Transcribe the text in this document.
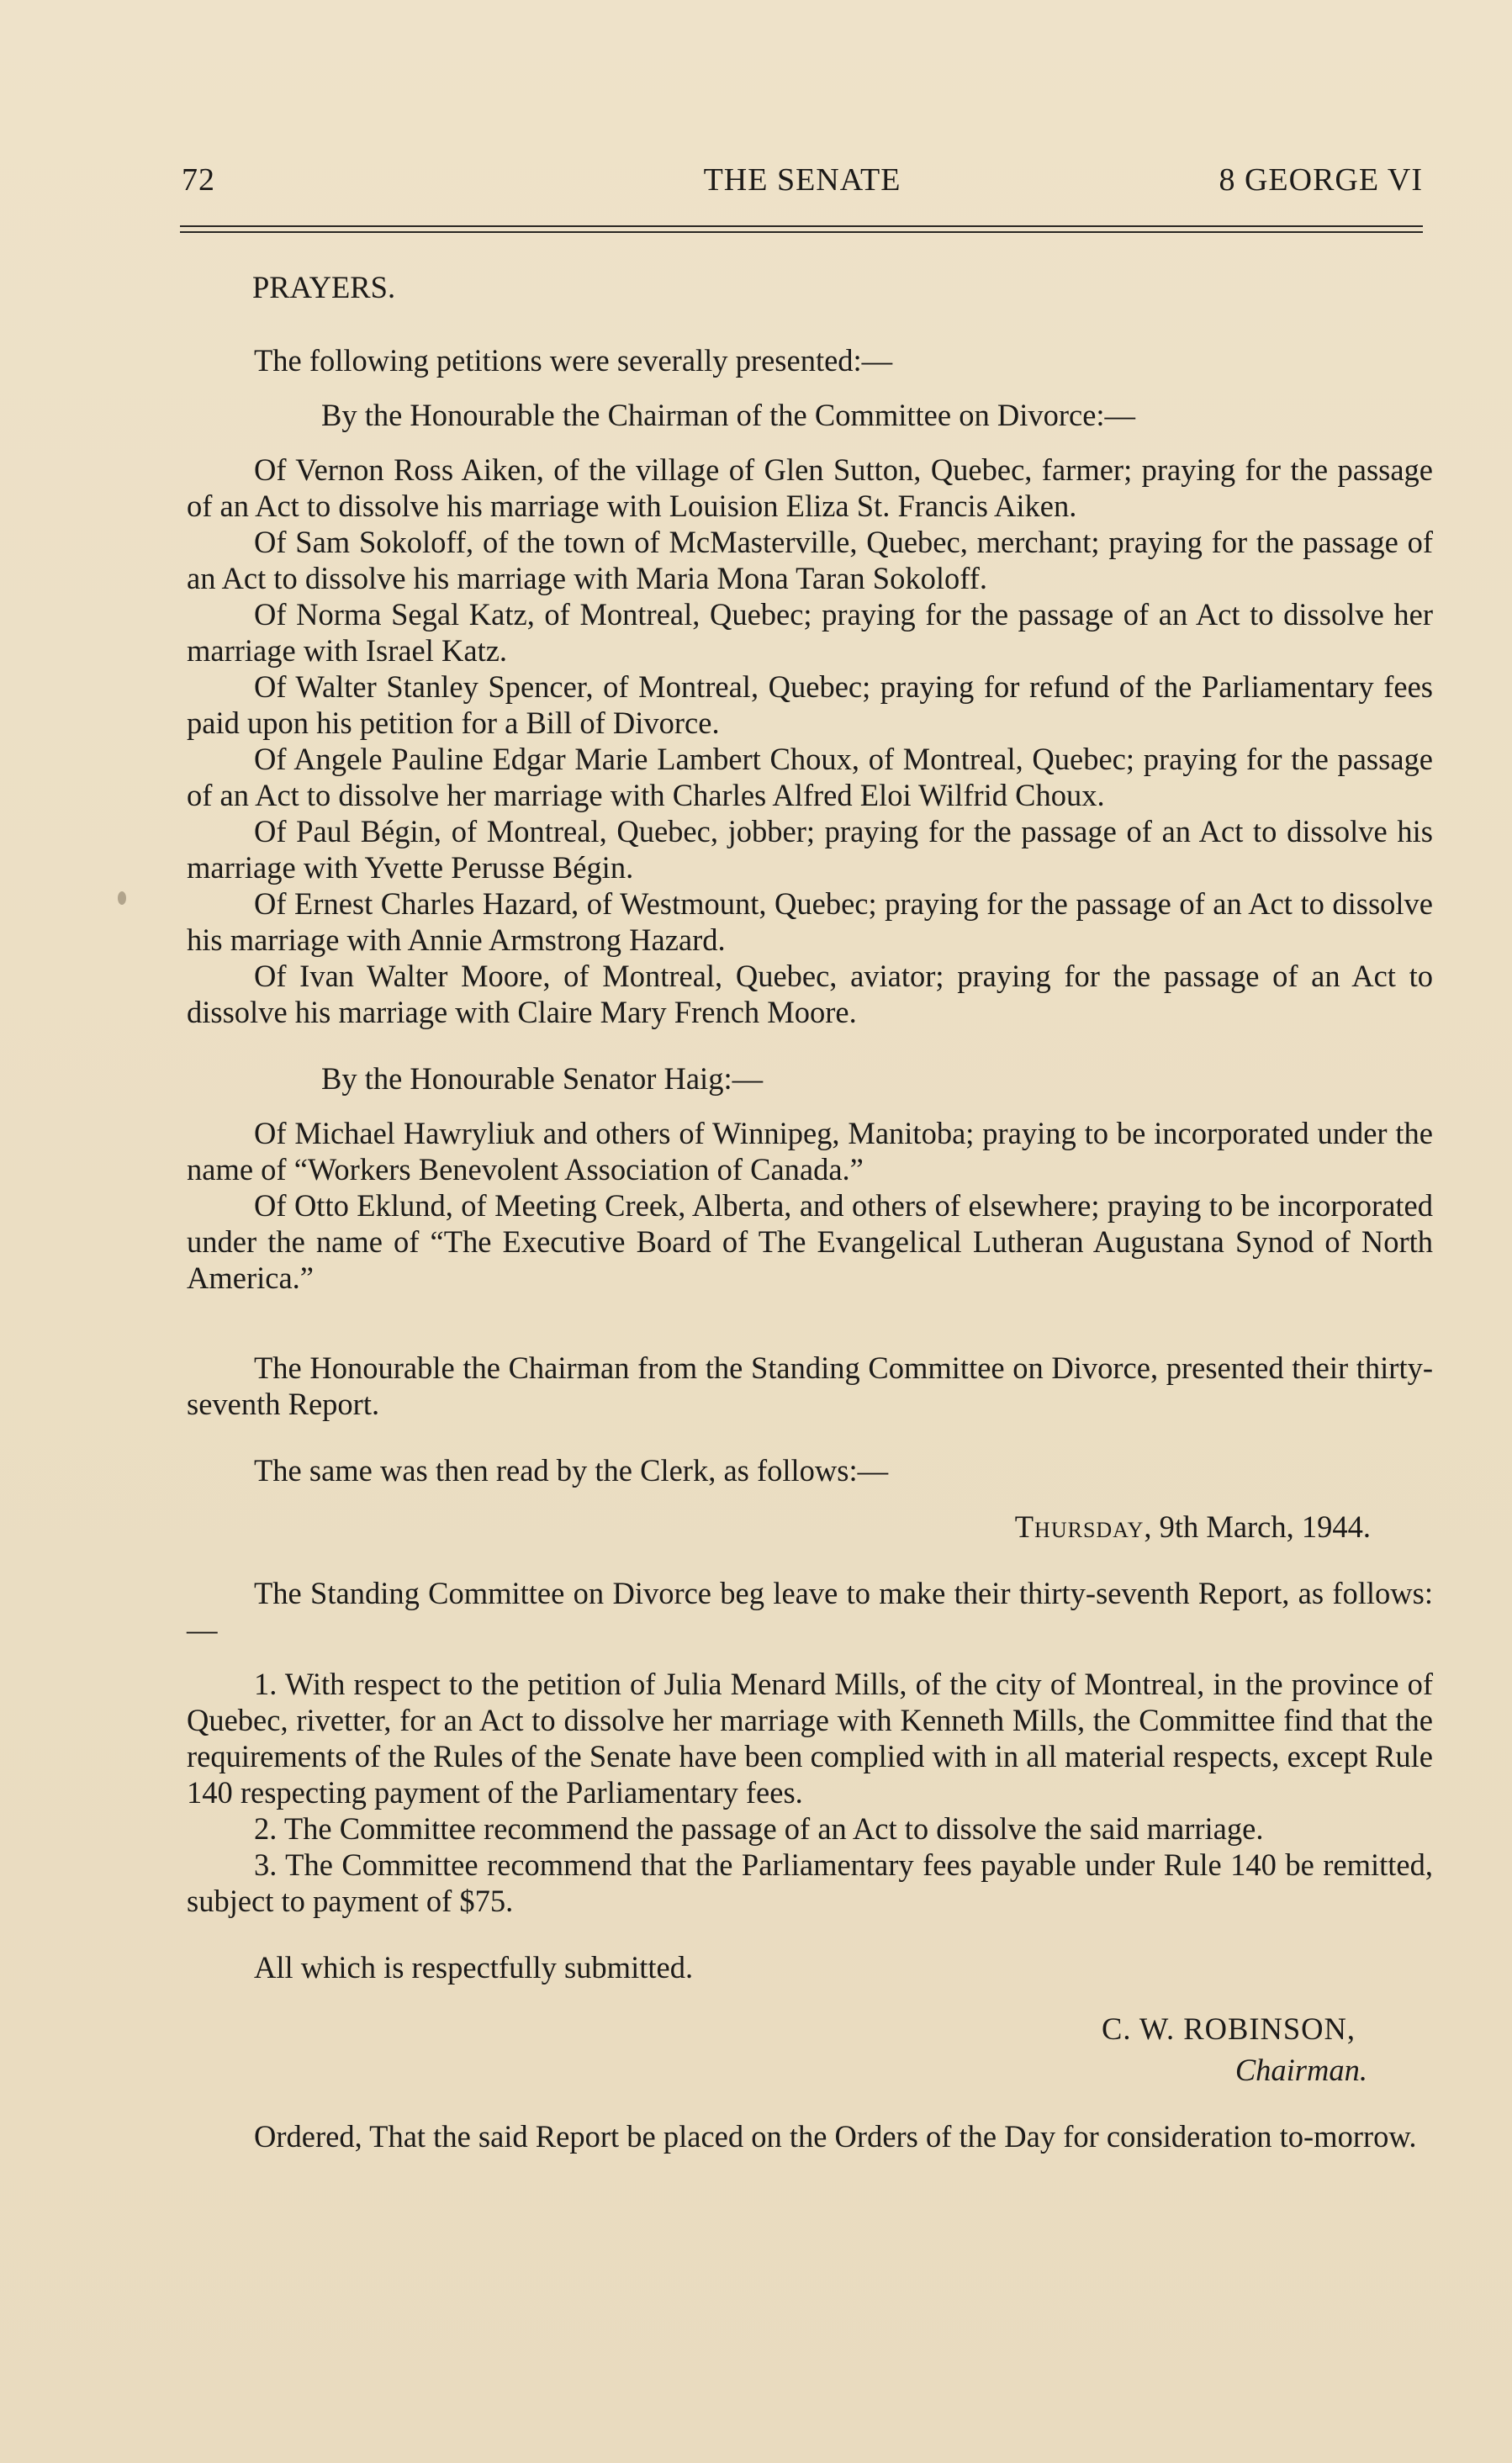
72	THE SENATE	8 GEORGE VI

PRAYERS.

The following petitions were severally presented:—

By the Honourable the Chairman of the Committee on Divorce:—

Of Vernon Ross Aiken, of the village of Glen Sutton, Quebec, farmer; praying for the passage of an Act to dissolve his marriage with Louision Eliza St. Francis Aiken.

Of Sam Sokoloff, of the town of McMasterville, Quebec, merchant; praying for the passage of an Act to dissolve his marriage with Maria Mona Taran Sokoloff.

Of Norma Segal Katz, of Montreal, Quebec; praying for the passage of an Act to dissolve her marriage with Israel Katz.

Of Walter Stanley Spencer, of Montreal, Quebec; praying for refund of the Parliamentary fees paid upon his petition for a Bill of Divorce.

Of Angele Pauline Edgar Marie Lambert Choux, of Montreal, Quebec; praying for the passage of an Act to dissolve her marriage with Charles Alfred Eloi Wilfrid Choux.

Of Paul Bégin, of Montreal, Quebec, jobber; praying for the passage of an Act to dissolve his marriage with Yvette Perusse Bégin.

Of Ernest Charles Hazard, of Westmount, Quebec; praying for the passage of an Act to dissolve his marriage with Annie Armstrong Hazard.

Of Ivan Walter Moore, of Montreal, Quebec, aviator; praying for the passage of an Act to dissolve his marriage with Claire Mary French Moore.

By the Honourable Senator Haig:—

Of Michael Hawryliuk and others of Winnipeg, Manitoba; praying to be incorporated under the name of “Workers Benevolent Association of Canada.”

Of Otto Eklund, of Meeting Creek, Alberta, and others of elsewhere; praying to be incorporated under the name of “The Executive Board of The Evangelical Lutheran Augustana Synod of North America.”

The Honourable the Chairman from the Standing Committee on Divorce, presented their thirty-seventh Report.

The same was then read by the Clerk, as follows:—

Thursday, 9th March, 1944.

The Standing Committee on Divorce beg leave to make their thirty-seventh Report, as follows:—

1. With respect to the petition of Julia Menard Mills, of the city of Montreal, in the province of Quebec, rivetter, for an Act to dissolve her marriage with Kenneth Mills, the Committee find that the requirements of the Rules of the Senate have been complied with in all material respects, except Rule 140 respecting payment of the Parliamentary fees.

2. The Committee recommend the passage of an Act to dissolve the said marriage.

3. The Committee recommend that the Parliamentary fees payable under Rule 140 be remitted, subject to payment of $75.

All which is respectfully submitted.

C. W. ROBINSON,

Chairman.

Ordered, That the said Report be placed on the Orders of the Day for consideration to-morrow.
